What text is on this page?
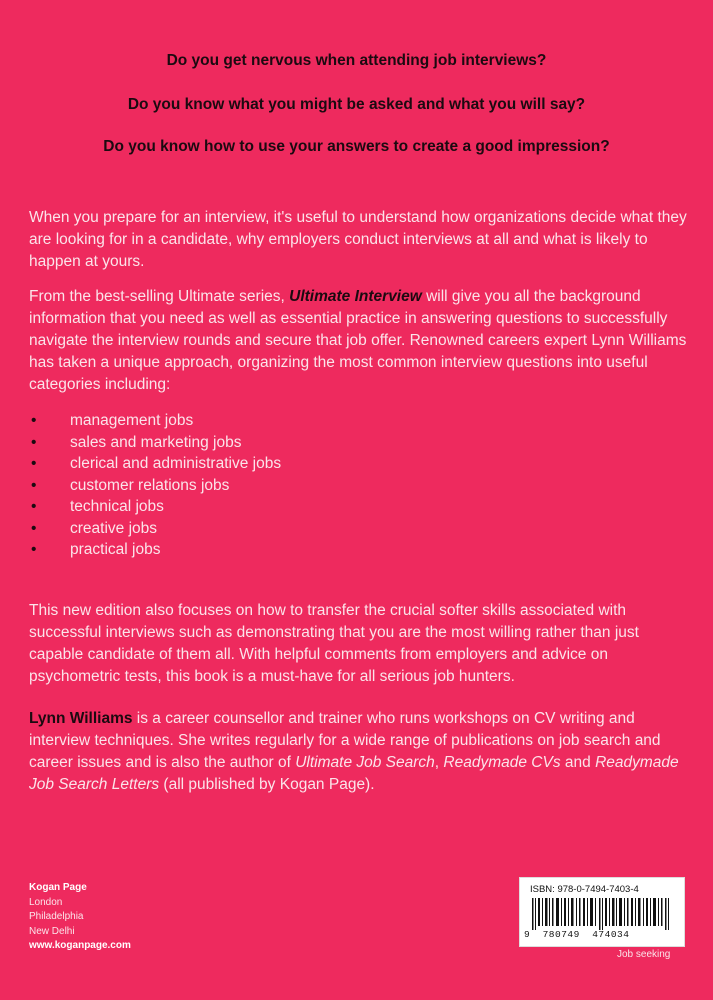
Do you get nervous when attending job interviews?

Do you know what you might be asked and what you will say?

Do you know how to use your answers to create a good impression?

When you prepare for an interview, it's useful to understand how organizations decide what they are looking for in a candidate, why employers conduct interviews at all and what is likely to happen at yours.

From the best-selling Ultimate series, Ultimate Interview will give you all the background information that you need as well as essential practice in answering questions to successfully navigate the interview rounds and secure that job offer. Renowned careers expert Lynn Williams has taken a unique approach, organizing the most common interview questions into useful categories including:

• management jobs
• sales and marketing jobs
• clerical and administrative jobs
• customer relations jobs
• technical jobs
• creative jobs
• practical jobs

This new edition also focuses on how to transfer the crucial softer skills associated with successful interviews such as demonstrating that you are the most willing rather than just capable candidate of them all. With helpful comments from employers and advice on psychometric tests, this book is a must-have for all serious job hunters.

Lynn Williams is a career counsellor and trainer who runs workshops on CV writing and interview techniques. She writes regularly for a wide range of publications on job search and career issues and is also the author of Ultimate Job Search, Readymade CVs and Readymade Job Search Letters (all published by Kogan Page).

Kogan Page
London
Philadelphia
New Delhi
www.koganpage.com
ISBN: 978-0-7494-7403-4
9  780749  474034
Job seeking
